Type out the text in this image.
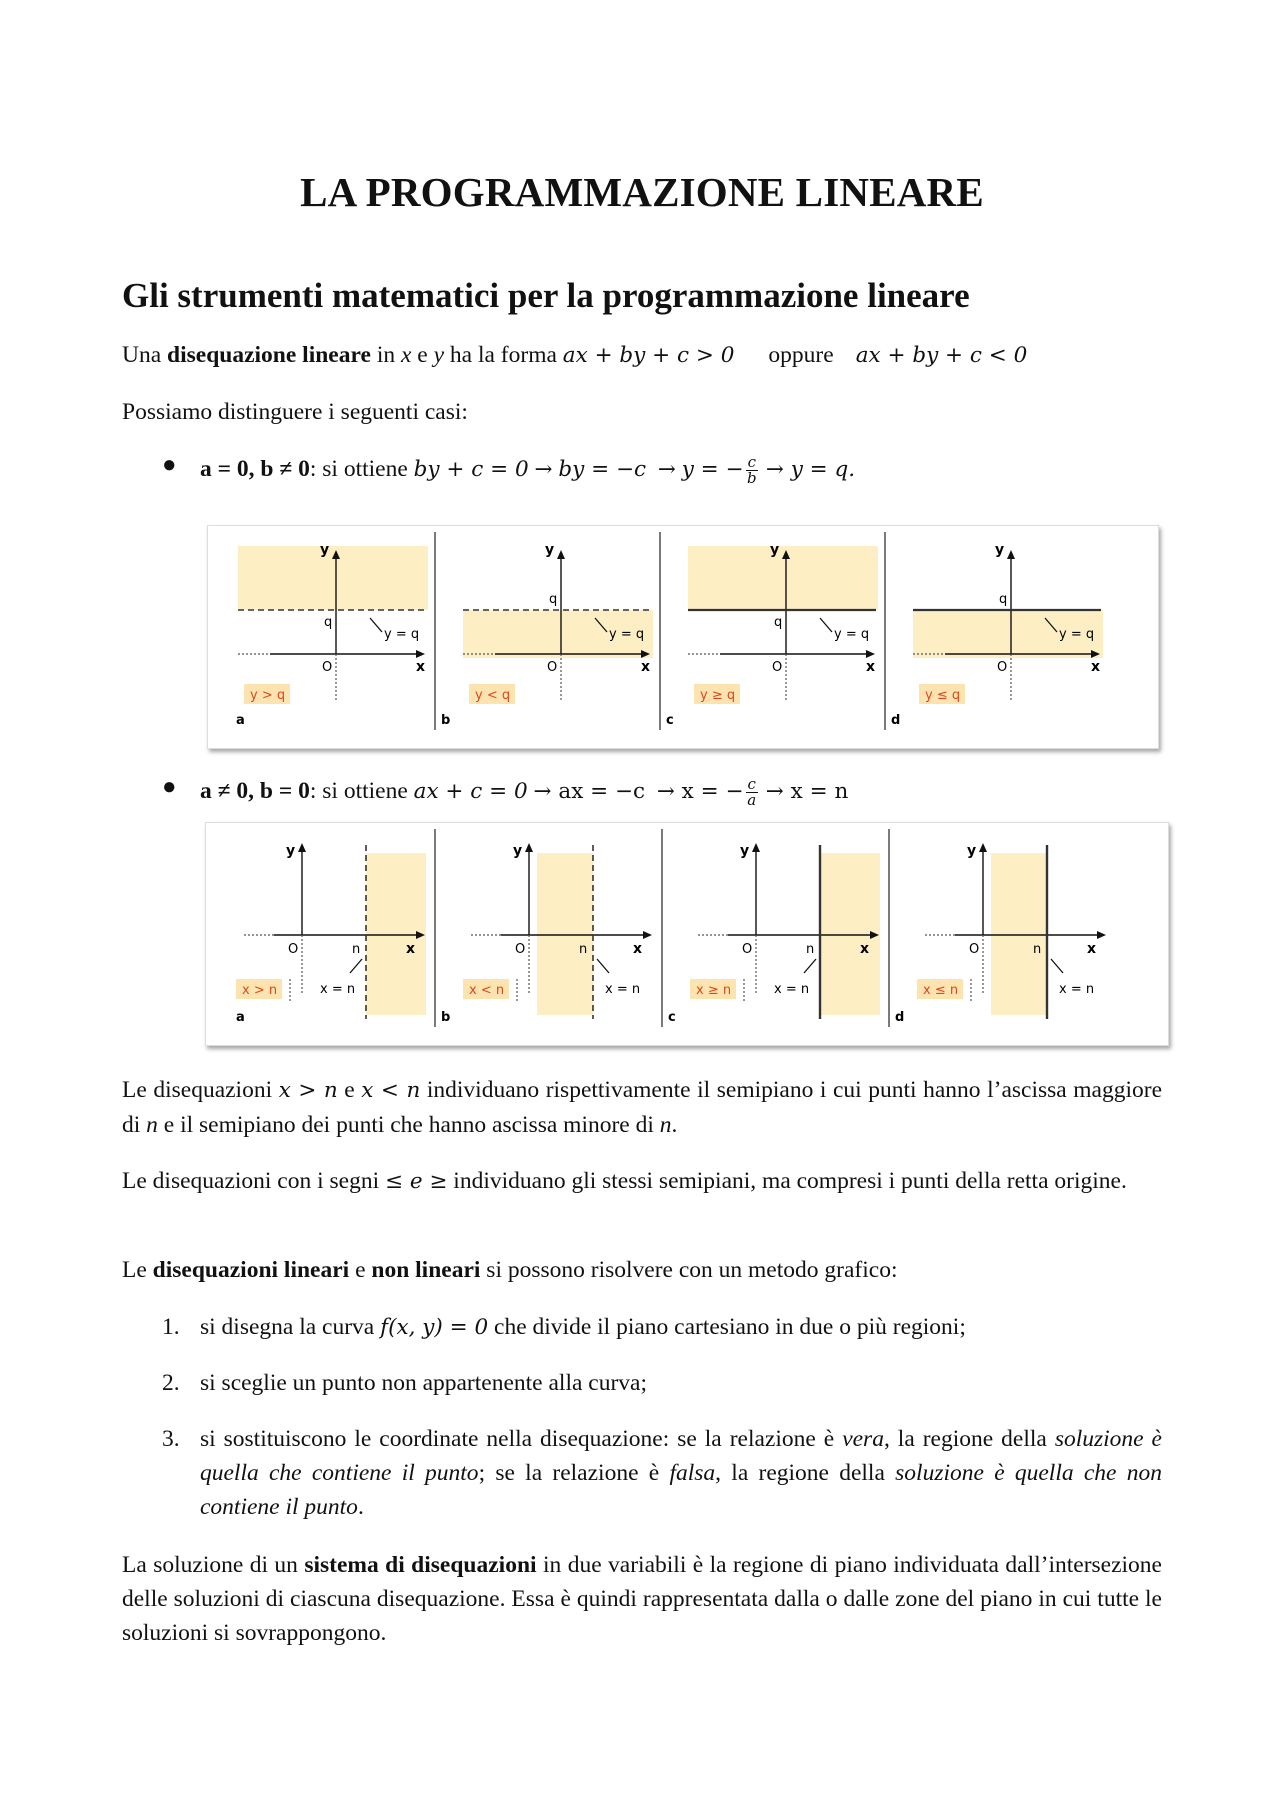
LA PROGRAMMAZIONE LINEARE
Gli strumenti matematici per la programmazione lineare

Una disequazione lineare in x e y ha la forma ax + by + c > 0 oppure ax + by + c < 0

Possiamo distinguere i seguenti casi:

● a = 0, b ≠ 0: si ottiene by + c = 0 → by = −c → y = − $\frac{c}{b} \to y = q$.
y
x
O
q
y = q
y > q
a
y
x
O
q
y = q
y < q
b
y
x
O
q
y = q
y ≥ q
c
y
x
O
q
y = q
y ≤ q
d
● a ≠ 0, b = 0: si ottiene ax + c = 0 → ax = −c → x = − $\frac{c}{a} \to x = n$
y
x
O	n
x = n
x > n
a
y
x
O	n
x = n
x < n
b
y
x
O	n
x = n
x ≥ n
c
y
x
O	n
x = n
x ≤ n
d

Le disequazioni x > n e x < n individuano rispettivamente il semipiano i cui punti hanno l’ascissa maggiore di n e il semipiano dei punti che hanno ascissa minore di n.

Le disequazioni con i segni ≤ e ≥ individuano gli stessi semipiani, ma compresi i punti della retta origine.

Le disequazioni lineari e non lineari si possono risolvere con un metodo grafico:

1. si disegna la curva f(x, y) = 0 che divide il piano cartesiano in due o più regioni;
2. si sceglie un punto non appartenente alla curva;
3. si sostituiscono le coordinate nella disequazione: se la relazione è vera, la regione della soluzione è quella che contiene il punto; se la relazione è falsa, la regione della soluzione è quella che non contiene il punto.

La soluzione di un sistema di disequazioni in due variabili è la regione di piano individuata dall’intersezione delle soluzioni di ciascuna disequazione. Essa è quindi rappresentata dalla o dalle zone del piano in cui tutte le soluzioni si sovrappongono.
